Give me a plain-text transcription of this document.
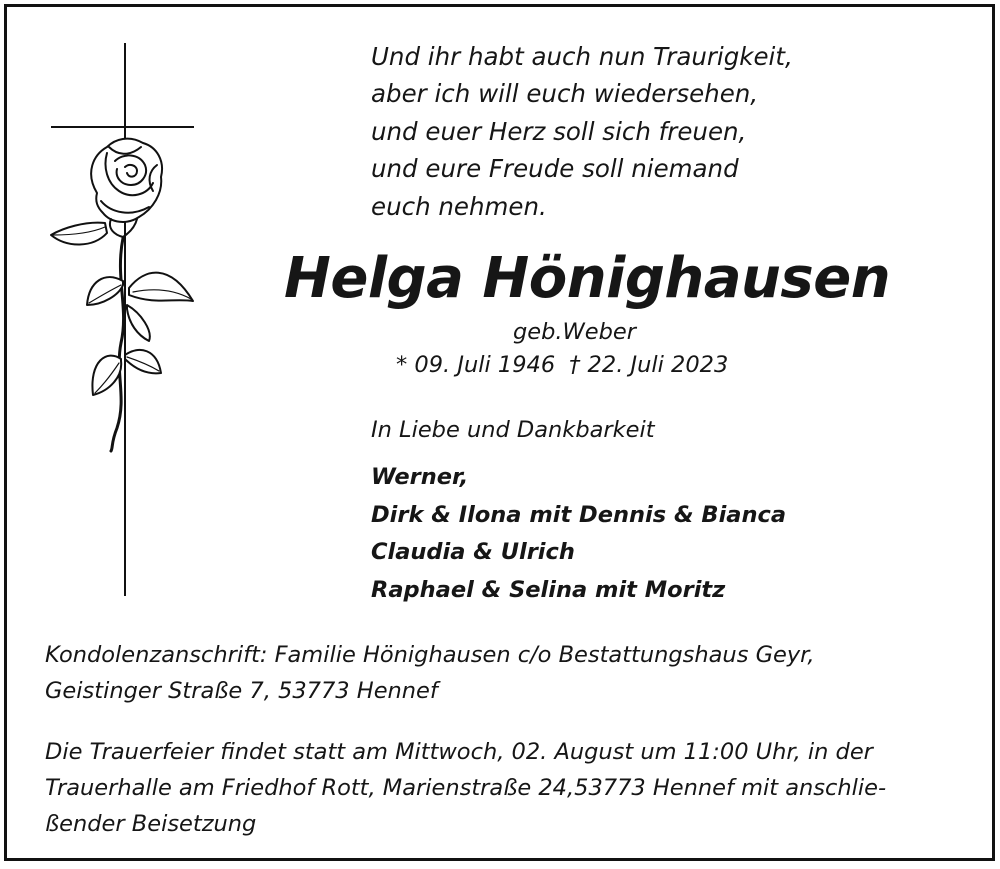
Und ihr habt auch nun Traurigkeit,
aber ich will euch wiedersehen,
und euer Herz soll sich freuen,
und eure Freude soll niemand
euch nehmen.
Helga Hönighausen
geb.Weber
* 09. Juli 1946 † 22. Juli 2023
In Liebe und Dankbarkeit
Werner,
Dirk & Ilona mit Dennis & Bianca
Claudia & Ulrich
Raphael & Selina mit Moritz
Kondolenzanschrift: Familie Hönighausen c/o Bestattungshaus Geyr,
Geistinger Straße 7, 53773 Hennef
Die Trauerfeier findet statt am Mittwoch, 02. August um 11:00 Uhr, in der
Trauerhalle am Friedhof Rott, Marienstraße 24,53773 Hennef mit anschlie-
ßender Beisetzung
